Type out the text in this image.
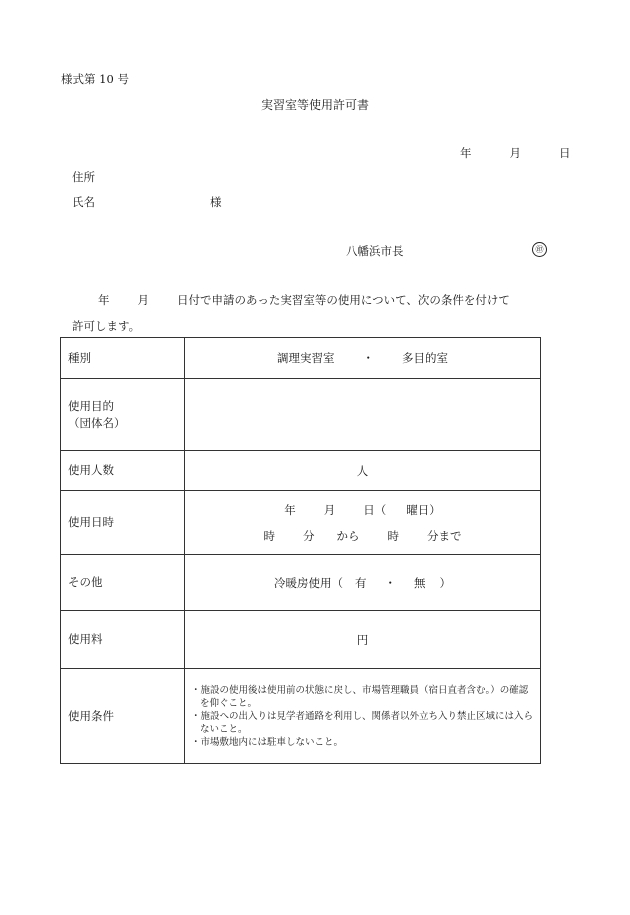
様式第 10 号
実習室等使用許可書
年	月	日
住所
氏名	様
八幡浜市長	㊞
年 月 日付で申請のあった実習室等の使用について、次の条件を付けて
許可します。
種別	調理実習室 ・ 多目的室

使用目的
（団体名）	

使用人数	人
使用日時	年 月 日（ 曜日）
時 分 から 時 分まで

その他	冷暖房使用（ 有 ・ 無 ）
使用料	円
使用条件	・施設の使用後は使用前の状態に戻し、市場管理職員（宿日直者含む。）の確認を仰ぐこと。
・施設への出入りは見学者通路を利用し、関係者以外立ち入り禁止区域には入らないこと。
・市場敷地内には駐車しないこと。
